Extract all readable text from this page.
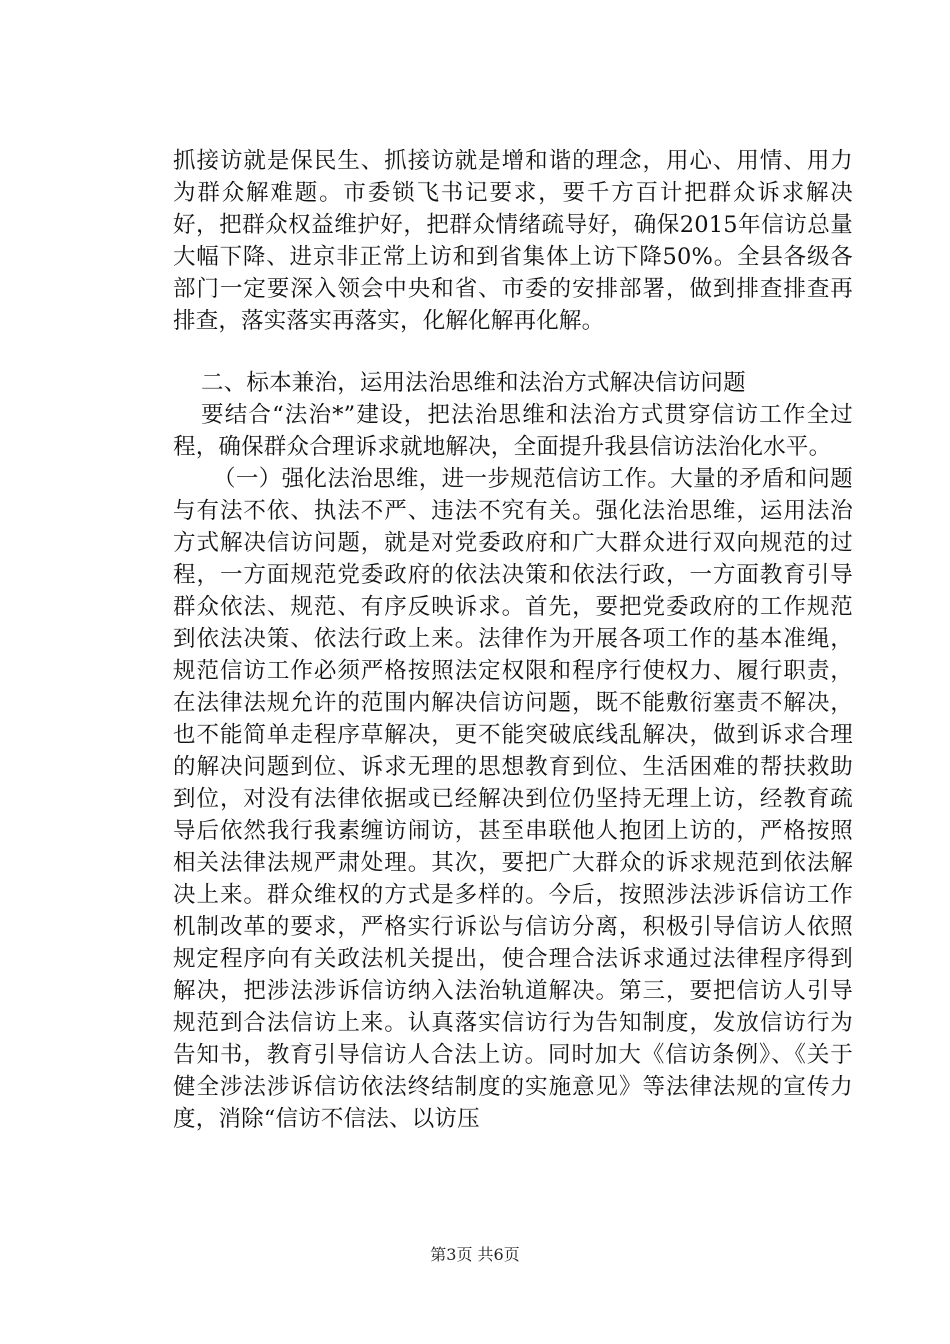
抓接访就是保民生、抓接访就是增和谐的理念，用心、用情、用力为群众解难题。市委锁飞书记要求，要千方百计把群众诉求解决好，把群众权益维护好，把群众情绪疏导好，确保2015年信访总量大幅下降、进京非正常上访和到省集体上访下降50%。全县各级各部门一定要深入领会中央和省、市委的安排部署，做到排查排查再排查，落实落实再落实，化解化解再化解。

二、标本兼治，运用法治思维和法治方式解决信访问题

要结合“法治*”建设，把法治思维和法治方式贯穿信访工作全过程，确保群众合理诉求就地解决，全面提升我县信访法治化水平。

（一）强化法治思维，进一步规范信访工作。大量的矛盾和问题与有法不依、执法不严、违法不究有关。强化法治思维，运用法治方式解决信访问题，就是对党委政府和广大群众进行双向规范的过程，一方面规范党委政府的依法决策和依法行政，一方面教育引导群众依法、规范、有序反映诉求。首先，要把党委政府的工作规范到依法决策、依法行政上来。法律作为开展各项工作的基本准绳，规范信访工作必须严格按照法定权限和程序行使权力、履行职责，在法律法规允许的范围内解决信访问题，既不能敷衍塞责不解决，也不能简单走程序草解决，更不能突破底线乱解决，做到诉求合理的解决问题到位、诉求无理的思想教育到位、生活困难的帮扶救助到位，对没有法律依据或已经解决到位仍坚持无理上访，经教育疏导后依然我行我素缠访闹访，甚至串联他人抱团上访的，严格按照相关法律法规严肃处理。其次，要把广大群众的诉求规范到依法解决上来。群众维权的方式是多样的。今后，按照涉法涉诉信访工作机制改革的要求，严格实行诉讼与信访分离，积极引导信访人依照规定程序向有关政法机关提出，使合理合法诉求通过法律程序得到解决，把涉法涉诉信访纳入法治轨道解决。第三，要把信访人引导规范到合法信访上来。认真落实信访行为告知制度，发放信访行为告知书，教育引导信访人合法上访。同时加大《信访条例》、《关于健全涉法涉诉信访依法终结制度的实施意见》等法律法规的宣传力度，消除“信访不信法、以访压

第3页 共6页
